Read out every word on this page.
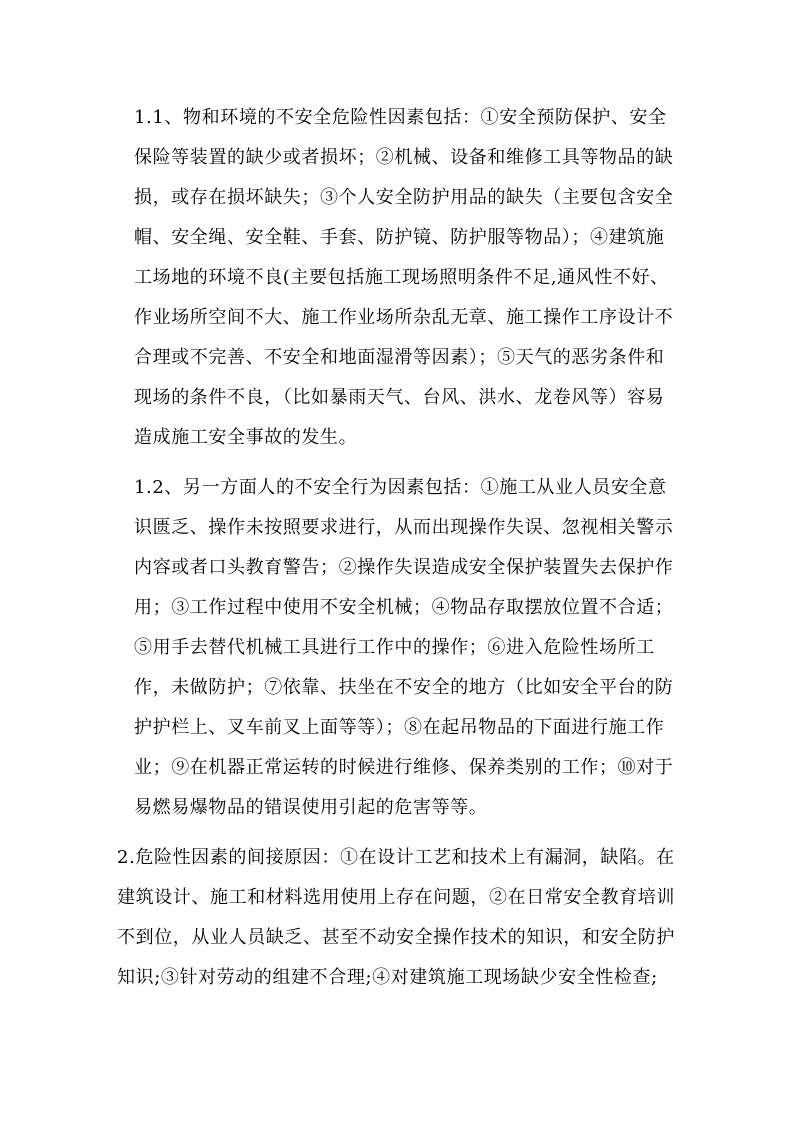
1.1、物和环境的不安全危险性因素包括：①安全预防保护、安全
保险等装置的缺少或者损坏；②机械、设备和维修工具等物品的缺
损，或存在损坏缺失；③个人安全防护用品的缺失（主要包含安全
帽、安全绳、安全鞋、手套、防护镜、防护服等物品）；④建筑施
工场地的环境不良(主要包括施工现场照明条件不足,通风性不好、
作业场所空间不大、施工作业场所杂乱无章、施工操作工序设计不
合理或不完善、不安全和地面湿滑等因素）；⑤天气的恶劣条件和
现场的条件不良，（比如暴雨天气、台风、洪水、龙卷风等）容易
造成施工安全事故的发生。
1.2、另一方面人的不安全行为因素包括：①施工从业人员安全意
识匮乏、操作未按照要求进行，从而出现操作失误、忽视相关警示
内容或者口头教育警告；②操作失误造成安全保护装置失去保护作
用；③工作过程中使用不安全机械；④物品存取摆放位置不合适；
⑤用手去替代机械工具进行工作中的操作；⑥进入危险性场所工
作，未做防护；⑦依靠、扶坐在不安全的地方（比如安全平台的防
护护栏上、叉车前叉上面等等）；⑧在起吊物品的下面进行施工作
业；⑨在机器正常运转的时候进行维修、保养类别的工作；⑩对于
易燃易爆物品的错误使用引起的危害等等。
2.危险性因素的间接原因：①在设计工艺和技术上有漏洞，缺陷。在
建筑设计、施工和材料选用使用上存在问题，②在日常安全教育培训
不到位，从业人员缺乏、甚至不动安全操作技术的知识，和安全防护
知识;③针对劳动的组建不合理;④对建筑施工现场缺少安全性检查;
